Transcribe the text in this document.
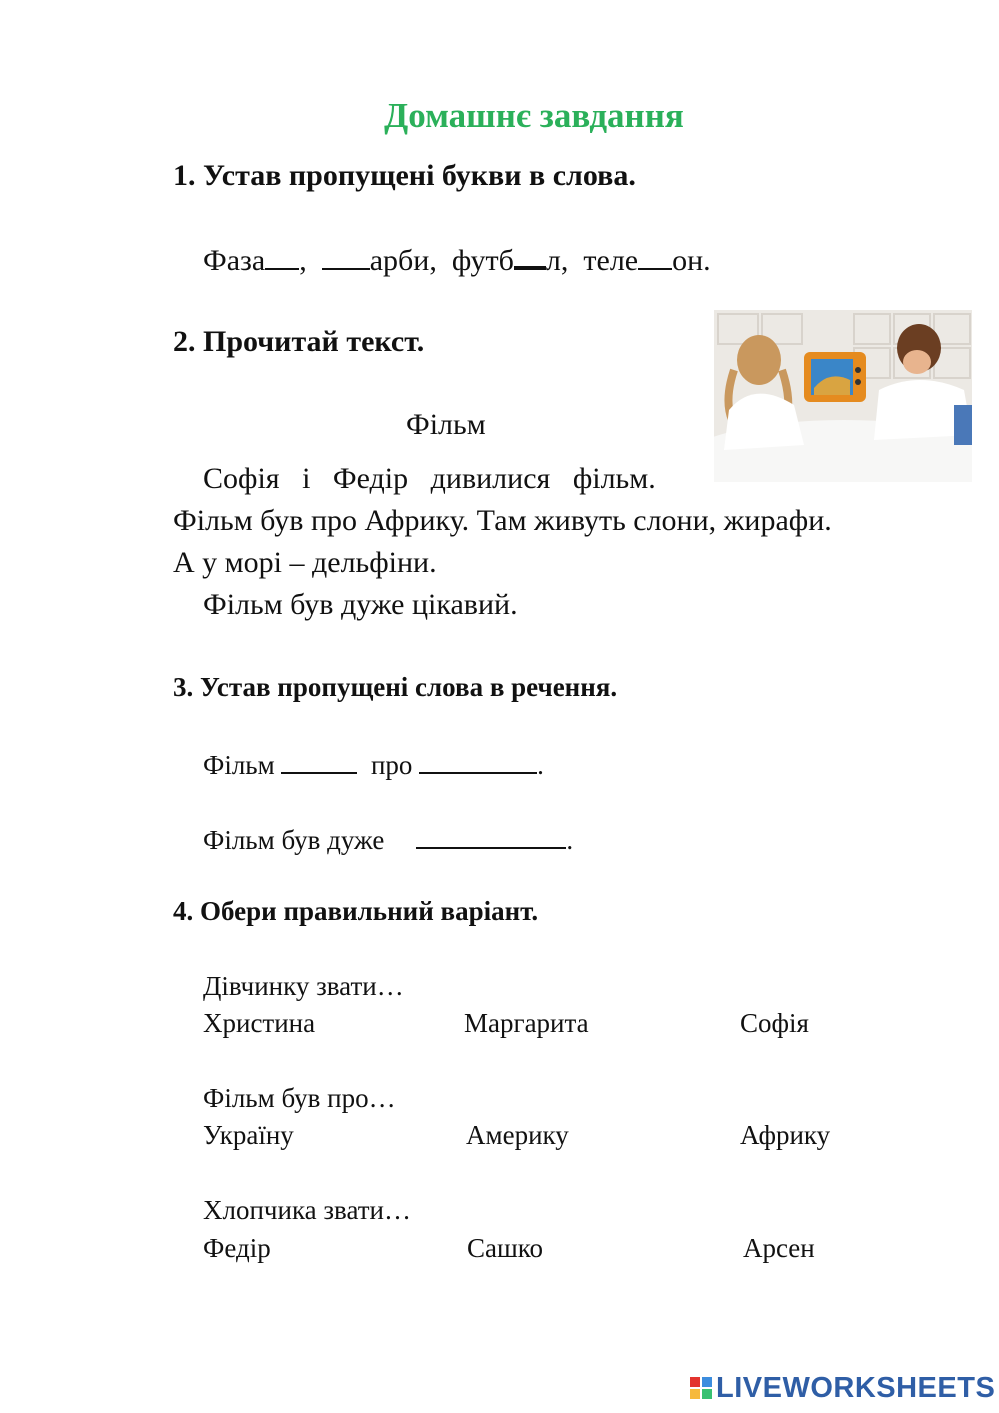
Домашнє завдання
1. Устав пропущені букви в слова.
Фаза , арби, футб л, теле он.
2. Прочитай текст.
Фільм
Софія   і   Федір   дивилися   фільм.
Фільм був про Африку. Там живуть слони, жирафи.
А у морі – дельфіни.
Фільм був дуже цікавий.
3. Устав пропущені слова в речення.
Фільм	про	.
Фільм був дуже	.
4. Обери правильний варіант.
Дівчинку звати…
Христина	Маргарита	Софія
Фільм був про…
Україну	Америку	Африку
Хлопчика звати…
Федір	Сашко	Арсен
LIVEWORKSHEETS
